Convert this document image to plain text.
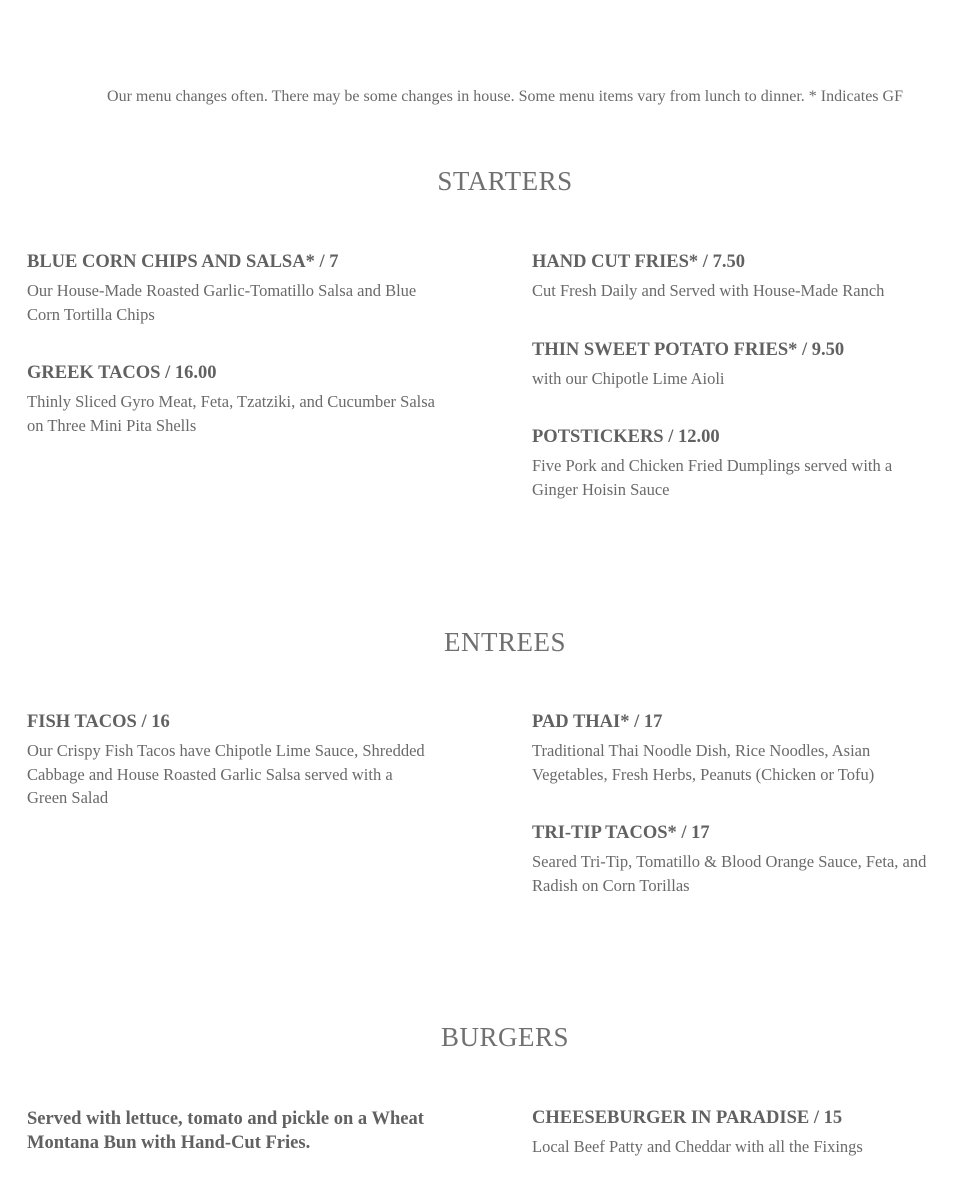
Our menu changes often. There may be some changes in house. Some menu items vary from lunch to dinner. * Indicates GF
STARTERS
BLUE CORN CHIPS AND SALSA* / 7
Our House-Made Roasted Garlic-Tomatillo Salsa and Blue Corn Tortilla Chips
GREEK TACOS / 16.00
Thinly Sliced Gyro Meat, Feta, Tzatziki, and Cucumber Salsa on Three Mini Pita Shells
HAND CUT FRIES* / 7.50
Cut Fresh Daily and Served with House-Made Ranch
THIN SWEET POTATO FRIES* / 9.50
with our Chipotle Lime Aioli
POTSTICKERS / 12.00
Five Pork and Chicken Fried Dumplings served with a Ginger Hoisin Sauce
ENTREES
FISH TACOS / 16
Our Crispy Fish Tacos have Chipotle Lime Sauce, Shredded Cabbage and House Roasted Garlic Salsa served with a Green Salad
PAD THAI* / 17
Traditional Thai Noodle Dish, Rice Noodles, Asian Vegetables, Fresh Herbs, Peanuts (Chicken or Tofu)
TRI-TIP TACOS* / 17
Seared Tri-Tip, Tomatillo & Blood Orange Sauce, Feta, and Radish on Corn Torillas
BURGERS
Served with lettuce, tomato and pickle on a Wheat Montana Bun with Hand-Cut Fries.
CHEESEBURGER IN PARADISE / 15
Local Beef Patty and Cheddar with all the Fixings
